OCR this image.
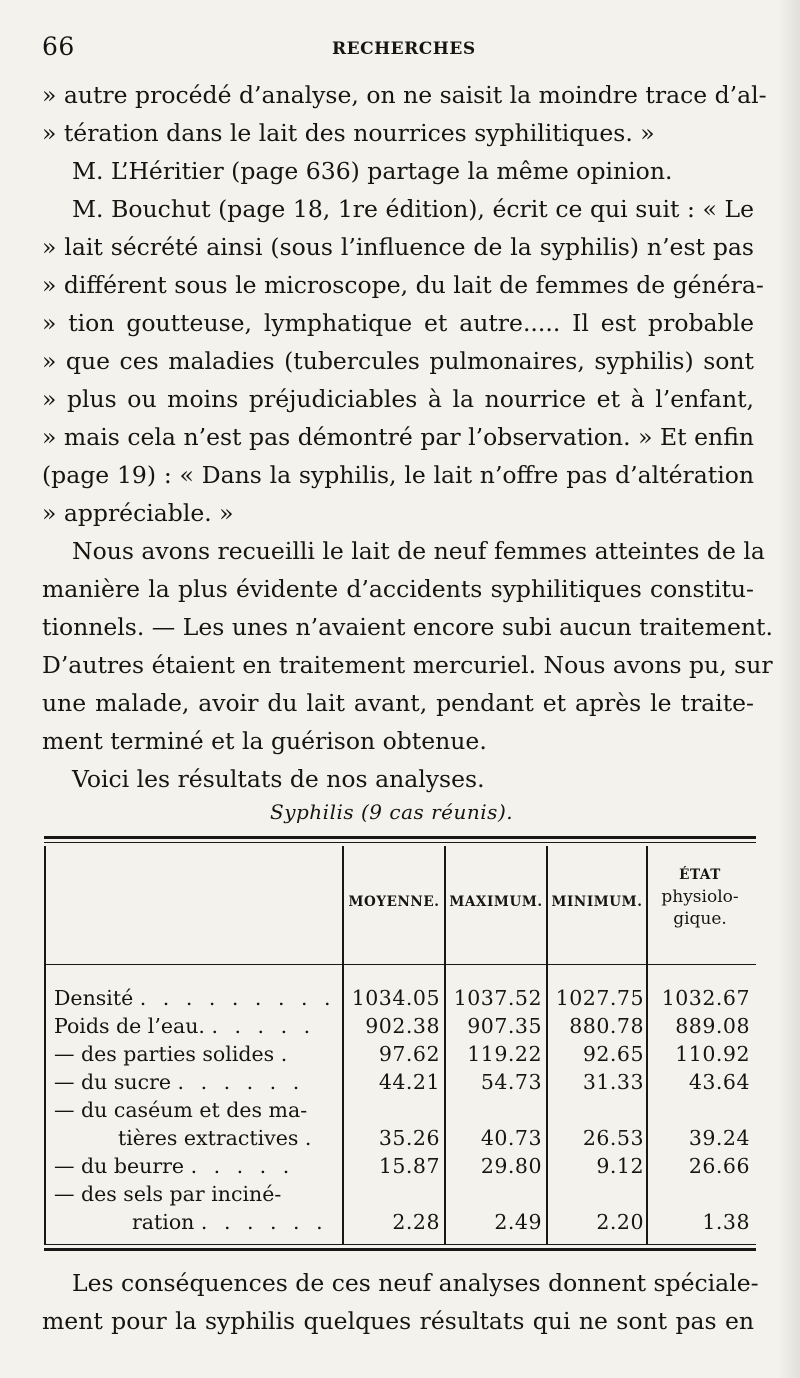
66	RECHERCHES
» autre procédé d’analyse, on ne saisit la moindre trace d’al-
» tération dans le lait des nourrices syphilitiques. »
M. L’Héritier (page 636) partage la même opinion.
M. Bouchut (page 18, 1re édition), écrit ce qui suit : « Le
» lait sécrété ainsi (sous l’influence de la syphilis) n’est pas
» différent sous le microscope, du lait de femmes de généra-
» tion goutteuse, lymphatique et autre..... Il est probable
» que ces maladies (tubercules pulmonaires, syphilis) sont
» plus ou moins préjudiciables à la nourrice et à l’enfant,
» mais cela n’est pas démontré par l’observation. » Et enfin
(page 19) : « Dans la syphilis, le lait n’offre pas d’altération
» appréciable. »
Nous avons recueilli le lait de neuf femmes atteintes de la
manière la plus évidente d’accidents syphilitiques constitu-
tionnels. — Les unes n’avaient encore subi aucun traitement.
D’autres étaient en traitement mercuriel. Nous avons pu, sur
une malade, avoir du lait avant, pendant et après le traite-
ment terminé et la guérison obtenue.
Voici les résultats de nos analyses.
Syphilis (9 cas réunis).
MOYENNE. MAXIMUM. MINIMUM.
ÉTAT
physiolo-
gique.
Densité . . . . . . . . . 1034.05 1037.52 1027.75 1032.67
Poids de l’eau. . . . . .	902.38	907.35	880.78	889.08
— des parties solides .	97.62	119.22	92.65	110.92
— du sucre . . . . . .	44.21	54.73	31.33	43.64
— du caséum et des ma-
tières extractives .	35.26	40.73	26.53	39.24
— du beurre . . . . .	15.87	29.80	9.12	26.66
— des sels par inciné-
ration . . . . . .	2.28	2.49	2.20	1.38
Les conséquences de ces neuf analyses donnent spéciale-
ment pour la syphilis quelques résultats qui ne sont pas en
